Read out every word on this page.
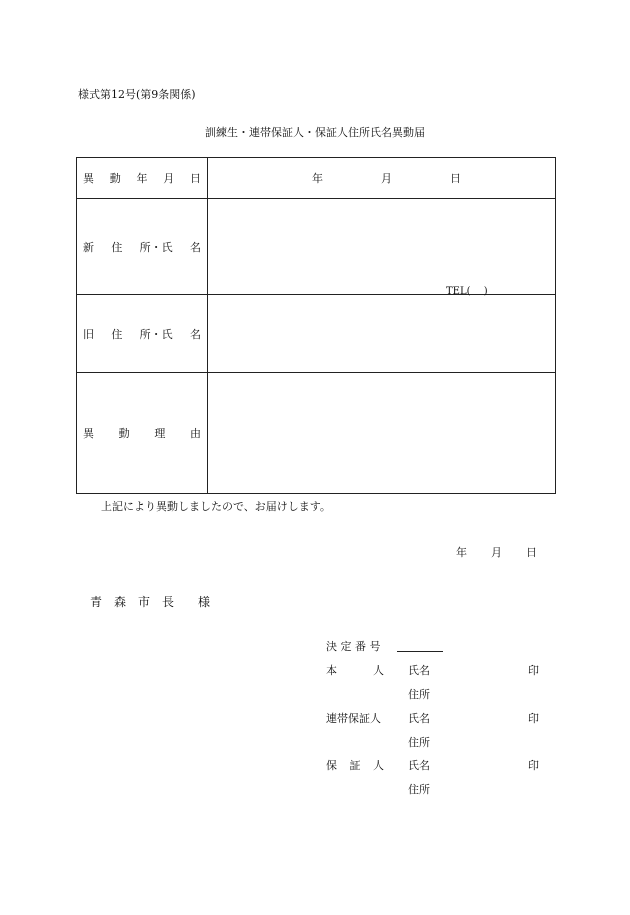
様式第12号(第9条関係)
訓練生・連帯保証人・保証人住所氏名異動届
異 動 年 月 日	年 月 日

新 住 所・氏 名	TEL(　 )

旧 住 所・氏 名	

異 動 理 由	

上記により異動しましたので、お届けします。
年 月 日
青　森　市　長　　様
決 定 番 号
本	人 氏名	印
住所
連帯保証人 氏名	印
住所
保 証 人 氏名	印
住所
